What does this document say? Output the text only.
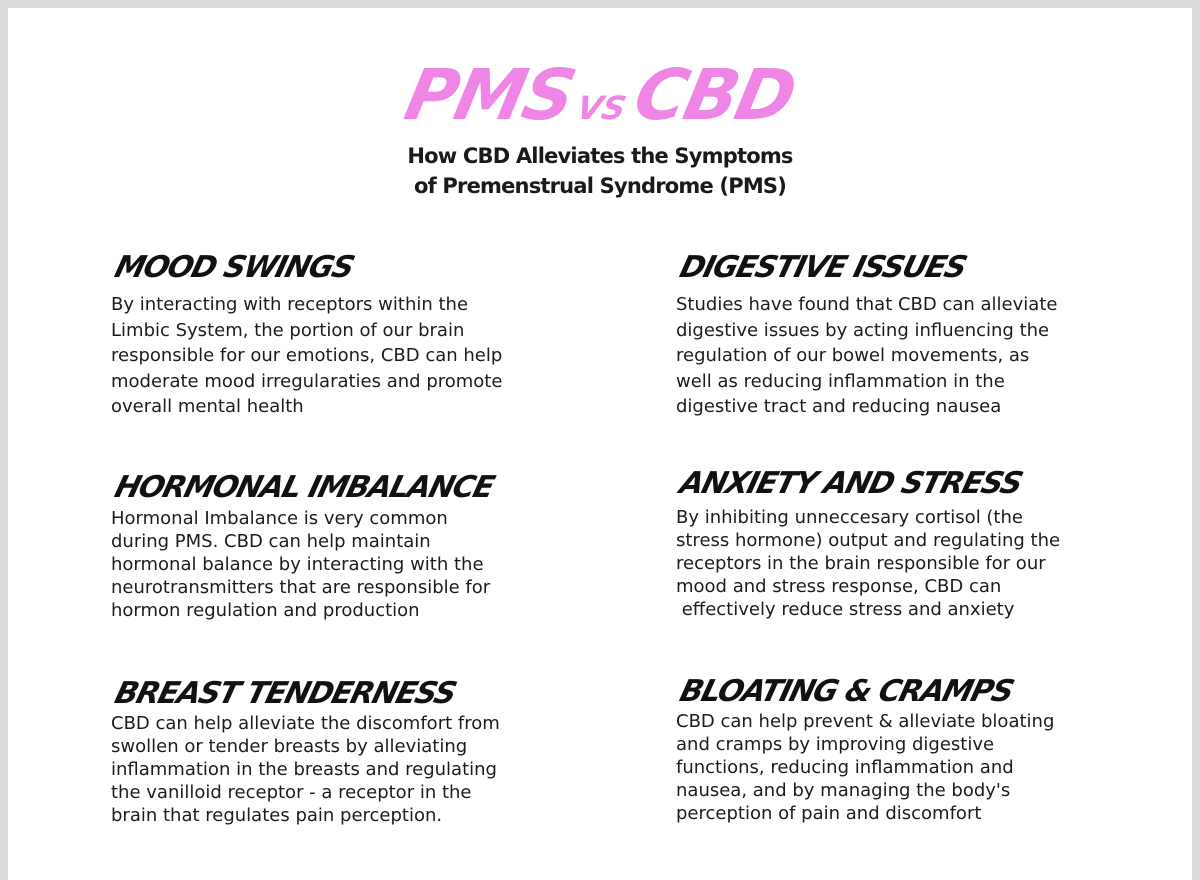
PMSVSCBD
How CBD Alleviates the Symptoms
of Premenstrual Syndrome (PMS)
MOOD SWINGS

By interacting with receptors within the
Limbic System, the portion of our brain
responsible for our emotions, CBD can help
moderate mood irregularaties and promote
overall mental health

DIGESTIVE ISSUES

Studies have found that CBD can alleviate
digestive issues by acting influencing the
regulation of our bowel movements, as
well as reducing inflammation in the
digestive tract and reducing nausea

HORMONAL IMBALANCE

Hormonal Imbalance is very common
during PMS. CBD can help maintain
hormonal balance by interacting with the
neurotransmitters that are responsible for
hormon regulation and production

ANXIETY AND STRESS

By inhibiting unneccesary cortisol (the
stress hormone) output and regulating the
receptors in the brain responsible for our
mood and stress response, CBD can
effectively reduce stress and anxiety

BREAST TENDERNESS

CBD can help alleviate the discomfort from
swollen or tender breasts by alleviating
inflammation in the breasts and regulating
the vanilloid receptor - a receptor in the
brain that regulates pain perception.

BLOATING & CRAMPS

CBD can help prevent & alleviate bloating
and cramps by improving digestive
functions, reducing inflammation and
nausea, and by managing the body's
perception of pain and discomfort
